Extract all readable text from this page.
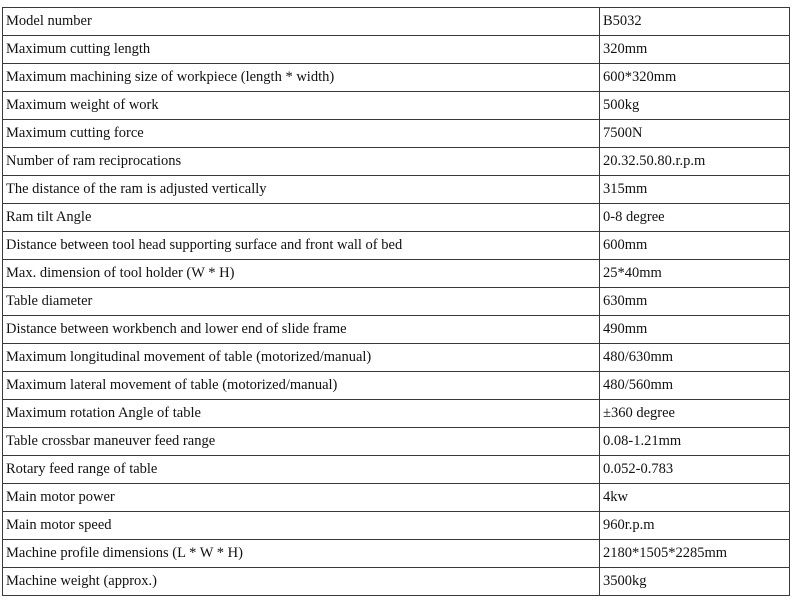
Model number	B5032
Maximum cutting length	320mm
Maximum machining size of workpiece (length * width)	600*320mm
Maximum weight of work	500kg
Maximum cutting force	7500N
Number of ram reciprocations	20.32.50.80.r.p.m
The distance of the ram is adjusted vertically	315mm
Ram tilt Angle	0-8 degree
Distance between tool head supporting surface and front wall of bed	600mm
Max. dimension of tool holder (W * H)	25*40mm
Table diameter	630mm
Distance between workbench and lower end of slide frame	490mm
Maximum longitudinal movement of table (motorized/manual)	480/630mm
Maximum lateral movement of table (motorized/manual)	480/560mm
Maximum rotation Angle of table	±360 degree
Table crossbar maneuver feed range	0.08-1.21mm
Rotary feed range of table	0.052-0.783
Main motor power	4kw
Main motor speed	960r.p.m
Machine profile dimensions (L * W * H)	2180*1505*2285mm
Machine weight (approx.)	3500kg
